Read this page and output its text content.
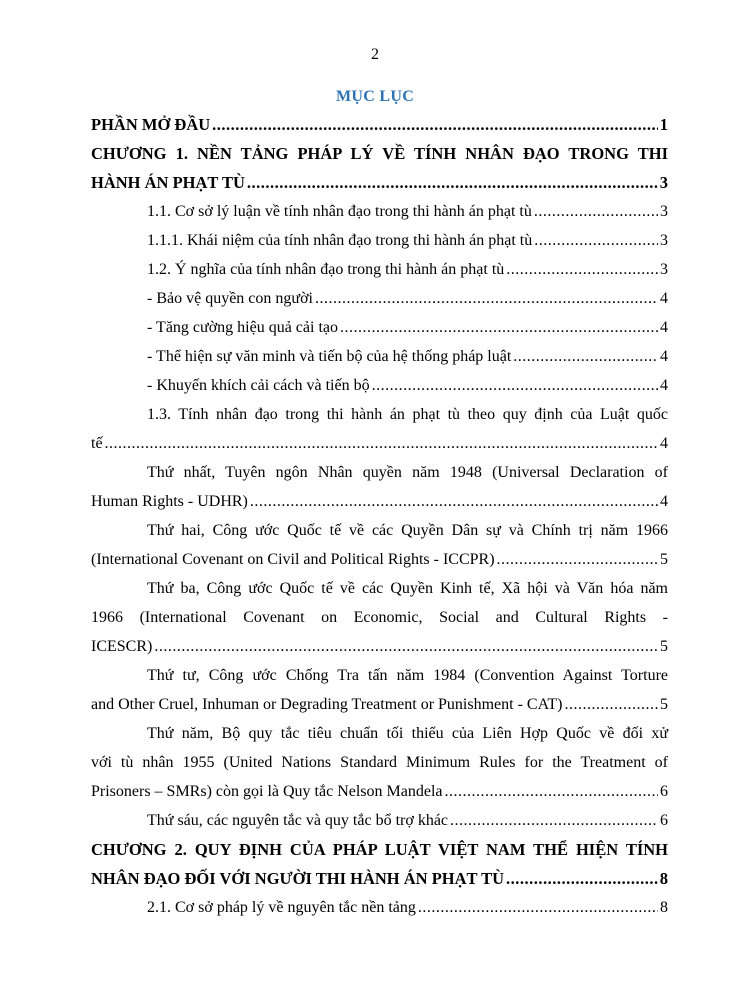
2
MỤC LỤC
PHẦN MỞ ĐẦU .....	1
CHƯƠNG 1. NỀN TẢNG PHÁP LÝ VỀ TÍNH NHÂN ĐẠO TRONG THI
HÀNH ÁN PHẠT TÙ .....	3
1.1. Cơ sở lý luận về tính nhân đạo trong thi hành án phạt tù .....	3
1.1.1. Khái niệm của tính nhân đạo trong thi hành án phạt tù .....	3
1.2. Ý nghĩa của tính nhân đạo trong thi hành án phạt tù .....	3
- Bảo vệ quyền con người .....	4
- Tăng cường hiệu quả cải tạo .....	4
- Thể hiện sự văn minh và tiến bộ của hệ thống pháp luật .....	4
- Khuyến khích cải cách và tiến bộ .....	4
1.3. Tính nhân đạo trong thi hành án phạt tù theo quy định của Luật quốc
tế .....	4
Thứ nhất, Tuyên ngôn Nhân quyền năm 1948 (Universal Declaration of
Human Rights - UDHR) .....	4
Thứ hai, Công ước Quốc tế về các Quyền Dân sự và Chính trị năm 1966
(International Covenant on Civil and Political Rights - ICCPR) .....	5
Thứ ba, Công ước Quốc tế về các Quyền Kinh tế, Xã hội và Văn hóa năm
1966 (International Covenant on Economic, Social and Cultural Rights -
ICESCR) .....	5
Thứ tư, Công ước Chống Tra tấn năm 1984 (Convention Against Torture
and Other Cruel, Inhuman or Degrading Treatment or Punishment - CAT) .....	5
Thứ năm, Bộ quy tắc tiêu chuẩn tối thiểu của Liên Hợp Quốc về đối xử
với tù nhân 1955 (United Nations Standard Minimum Rules for the Treatment of
Prisoners – SMRs) còn gọi là Quy tắc Nelson Mandela .....	6
Thứ sáu, các nguyên tắc và quy tắc bổ trợ khác .....	6
CHƯƠNG 2. QUY ĐỊNH CỦA PHÁP LUẬT VIỆT NAM THỂ HIỆN TÍNH
NHÂN ĐẠO ĐỐI VỚI NGƯỜI THI HÀNH ÁN PHẠT TÙ .....	8
2.1. Cơ sở pháp lý về nguyên tắc nền tảng .....	8
